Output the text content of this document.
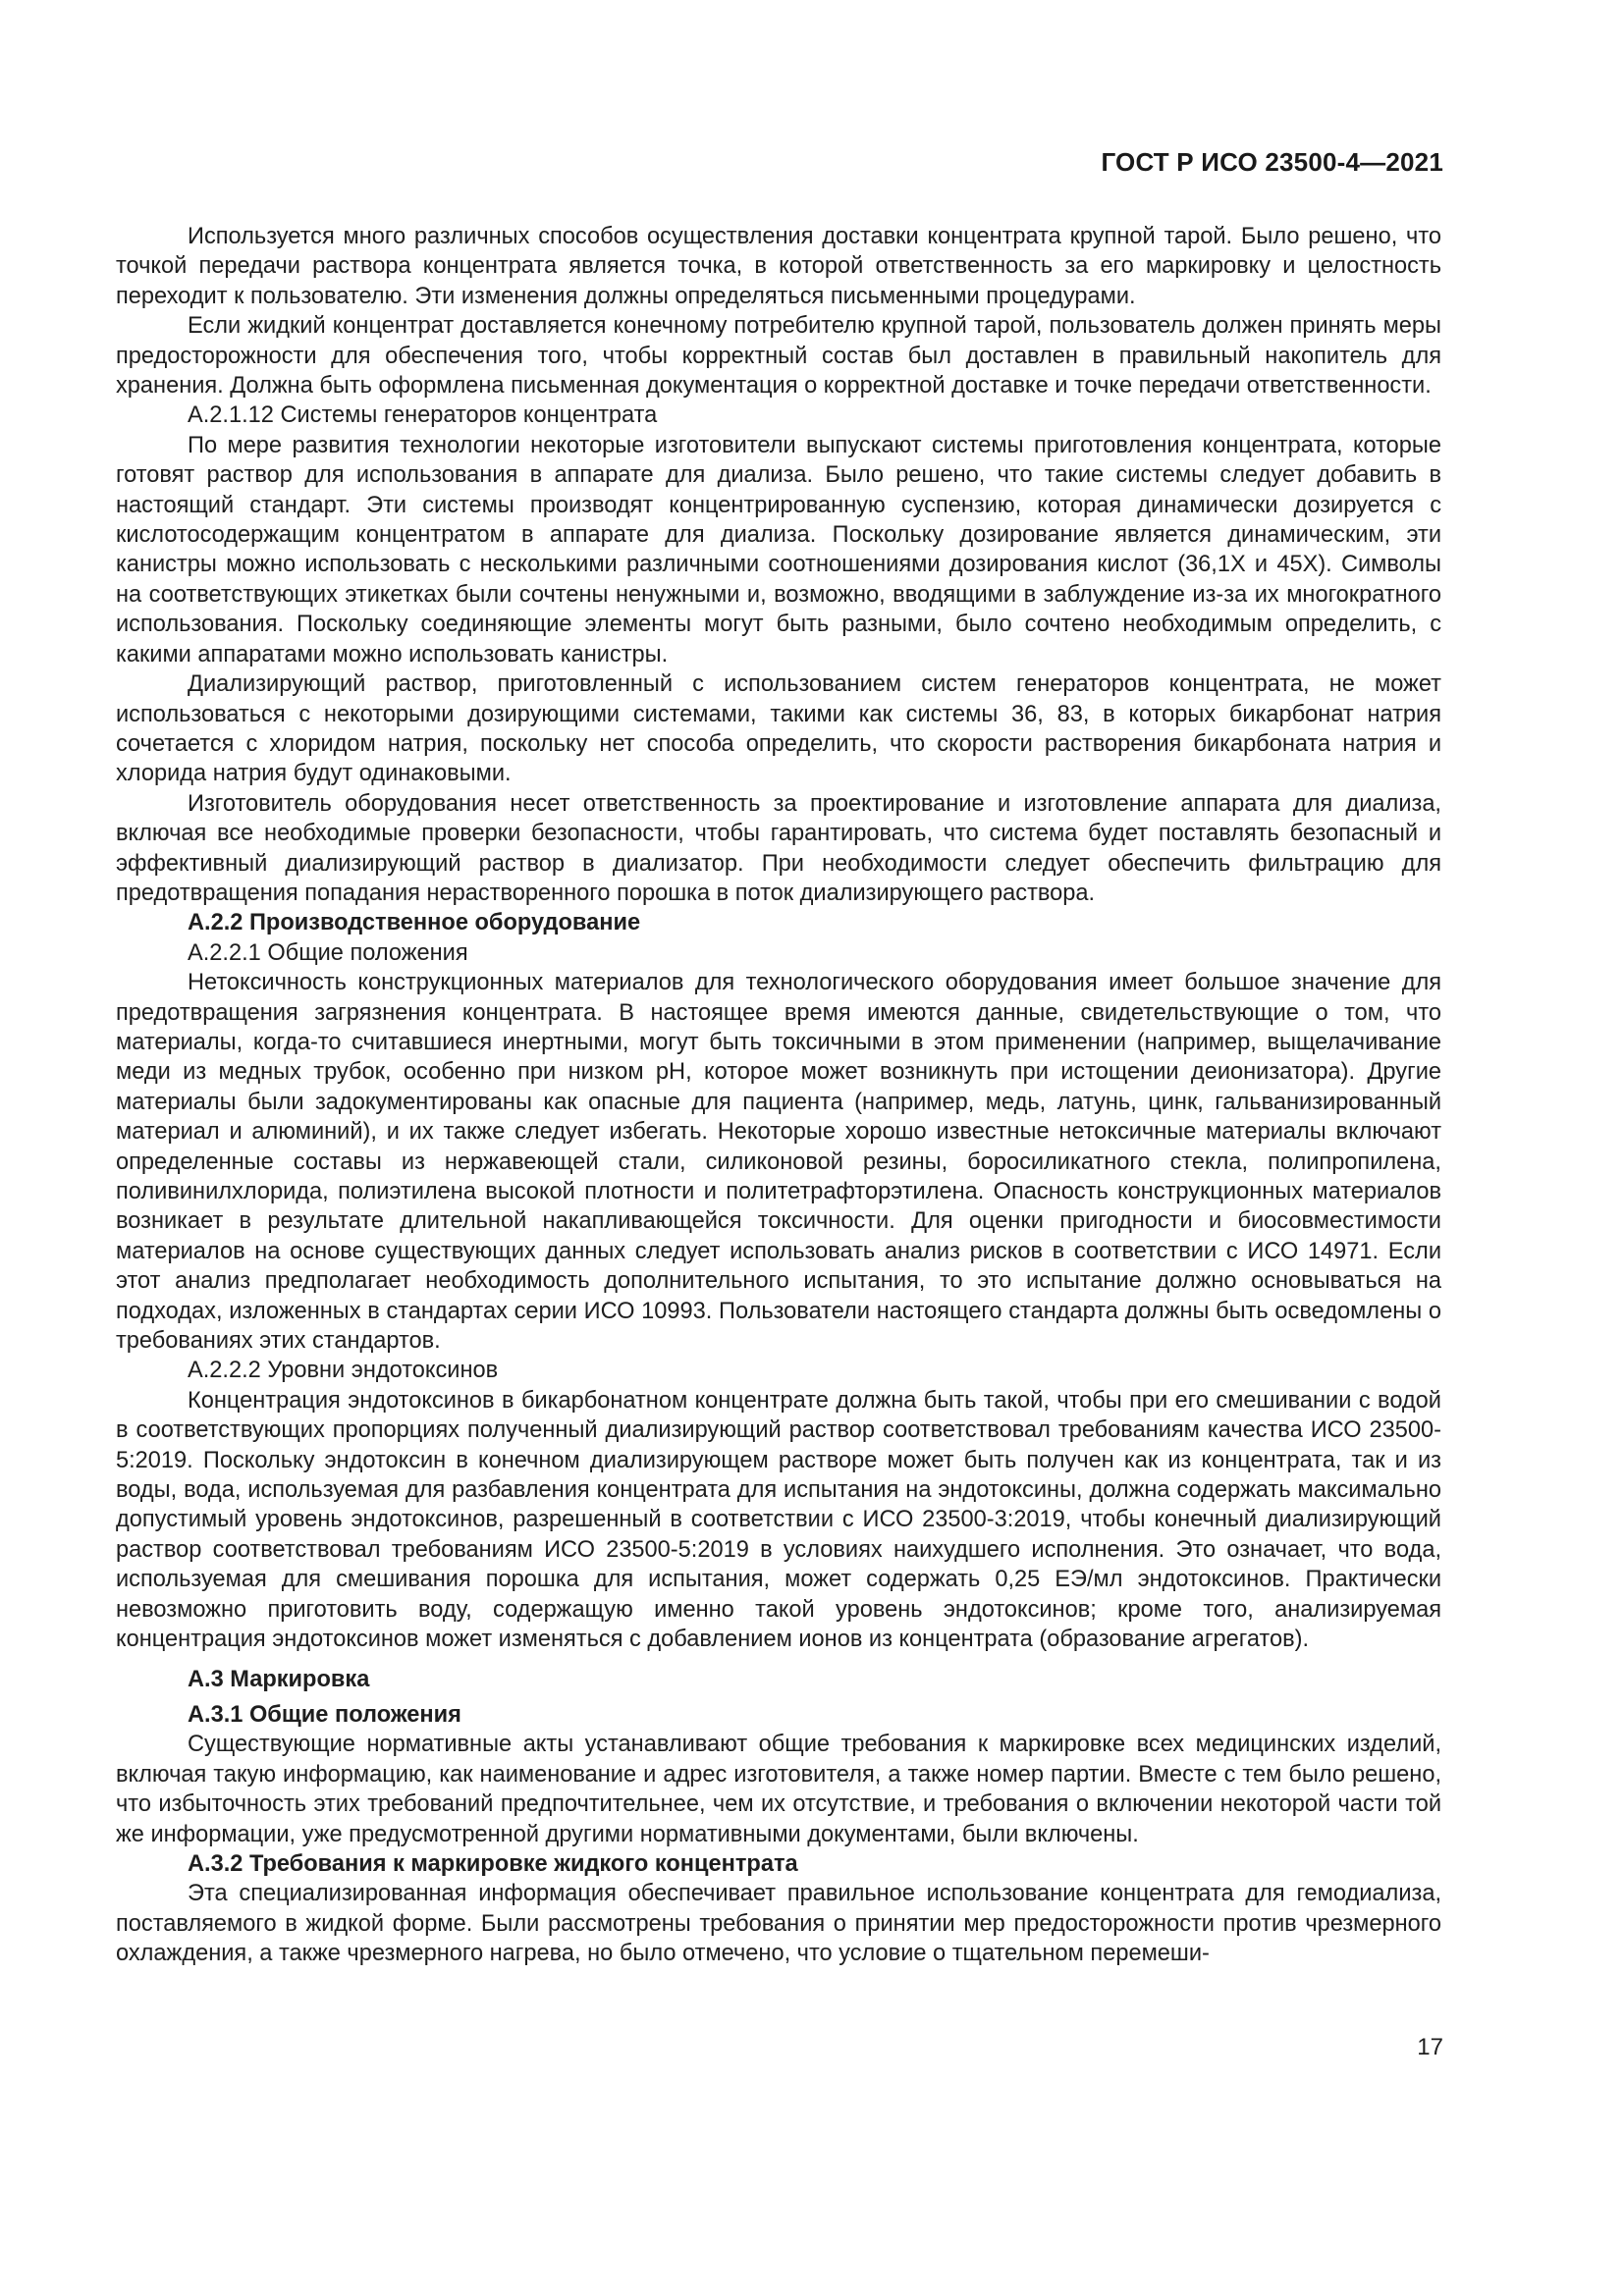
ГОСТ Р ИСО 23500-4—2021

Используется много различных способов осуществления доставки концентрата крупной тарой. Было решено, что точкой передачи раствора концентрата является точка, в которой ответственность за его маркировку и целостность переходит к пользователю. Эти изменения должны определяться письменными процедурами.

Если жидкий концентрат доставляется конечному потребителю крупной тарой, пользователь должен принять меры предосторожности для обеспечения того, чтобы корректный состав был доставлен в правильный накопитель для хранения. Должна быть оформлена письменная документация о корректной доставке и точке передачи ответственности.

А.2.1.12 Системы генераторов концентрата

По мере развития технологии некоторые изготовители выпускают системы приготовления концентрата, которые готовят раствор для использования в аппарате для диализа. Было решено, что такие системы следует добавить в настоящий стандарт. Эти системы производят концентрированную суспензию, которая динамически дозируется с кислотосодержащим концентратом в аппарате для диализа. Поскольку дозирование является динамическим, эти канистры можно использовать с несколькими различными соотношениями дозирования кислот (36,1Х и 45Х). Символы на соответствующих этикетках были сочтены ненужными и, возможно, вводящими в заблуждение из-за их многократного использования. Поскольку соединяющие элементы могут быть разными, было сочтено необходимым определить, с какими аппаратами можно использовать канистры.

Диализирующий раствор, приготовленный с использованием систем генераторов концентрата, не может использоваться с некоторыми дозирующими системами, такими как системы 36, 83, в которых бикарбонат натрия сочетается с хлоридом натрия, поскольку нет способа определить, что скорости растворения бикарбоната натрия и хлорида натрия будут одинаковыми.

Изготовитель оборудования несет ответственность за проектирование и изготовление аппарата для диализа, включая все необходимые проверки безопасности, чтобы гарантировать, что система будет поставлять безопасный и эффективный диализирующий раствор в диализатор. При необходимости следует обеспечить фильтрацию для предотвращения попадания нерастворенного порошка в поток диализирующего раствора.

А.2.2 Производственное оборудование
А.2.2.1 Общие положения

Нетоксичность конструкционных материалов для технологического оборудования имеет большое значение для предотвращения загрязнения концентрата. В настоящее время имеются данные, свидетельствующие о том, что материалы, когда-то считавшиеся инертными, могут быть токсичными в этом применении (например, выщелачивание меди из медных трубок, особенно при низком рН, которое может возникнуть при истощении деионизатора). Другие материалы были задокументированы как опасные для пациента (например, медь, латунь, цинк, гальванизированный материал и алюминий), и их также следует избегать. Некоторые хорошо известные нетоксичные материалы включают определенные составы из нержавеющей стали, силиконовой резины, боросиликатного стекла, полипропилена, поливинилхлорида, полиэтилена высокой плотности и политетрафторэтилена. Опасность конструкционных материалов возникает в результате длительной накапливающейся токсичности. Для оценки пригодности и биосовместимости материалов на основе существующих данных следует использовать анализ рисков в соответствии с ИСО 14971. Если этот анализ предполагает необходимость дополнительного испытания, то это испытание должно основываться на подходах, изложенных в стандартах серии ИСО 10993. Пользователи настоящего стандарта должны быть осведомлены о требованиях этих стандартов.

А.2.2.2 Уровни эндотоксинов

Концентрация эндотоксинов в бикарбонатном концентрате должна быть такой, чтобы при его смешивании с водой в соответствующих пропорциях полученный диализирующий раствор соответствовал требованиям качества ИСО 23500-5:2019. Поскольку эндотоксин в конечном диализирующем растворе может быть получен как из концентрата, так и из воды, вода, используемая для разбавления концентрата для испытания на эндотоксины, должна содержать максимально допустимый уровень эндотоксинов, разрешенный в соответствии с ИСО 23500-3:2019, чтобы конечный диализирующий раствор соответствовал требованиям ИСО 23500-5:2019 в условиях наихудшего исполнения. Это означает, что вода, используемая для смешивания порошка для испытания, может содержать 0,25 ЕЭ/мл эндотоксинов. Практически невозможно приготовить воду, содержащую именно такой уровень эндотоксинов; кроме того, анализируемая концентрация эндотоксинов может изменяться с добавлением ионов из концентрата (образование агрегатов).

А.3 Маркировка
А.3.1 Общие положения

Существующие нормативные акты устанавливают общие требования к маркировке всех медицинских изделий, включая такую информацию, как наименование и адрес изготовителя, а также номер партии. Вместе с тем было решено, что избыточность этих требований предпочтительнее, чем их отсутствие, и требования о включении некоторой части той же информации, уже предусмотренной другими нормативными документами, были включены.

А.3.2 Требования к маркировке жидкого концентрата

Эта специализированная информация обеспечивает правильное использование концентрата для гемодиализа, поставляемого в жидкой форме. Были рассмотрены требования о принятии мер предосторожности против чрезмерного охлаждения, а также чрезмерного нагрева, но было отмечено, что условие о тщательном перемеши-

17
